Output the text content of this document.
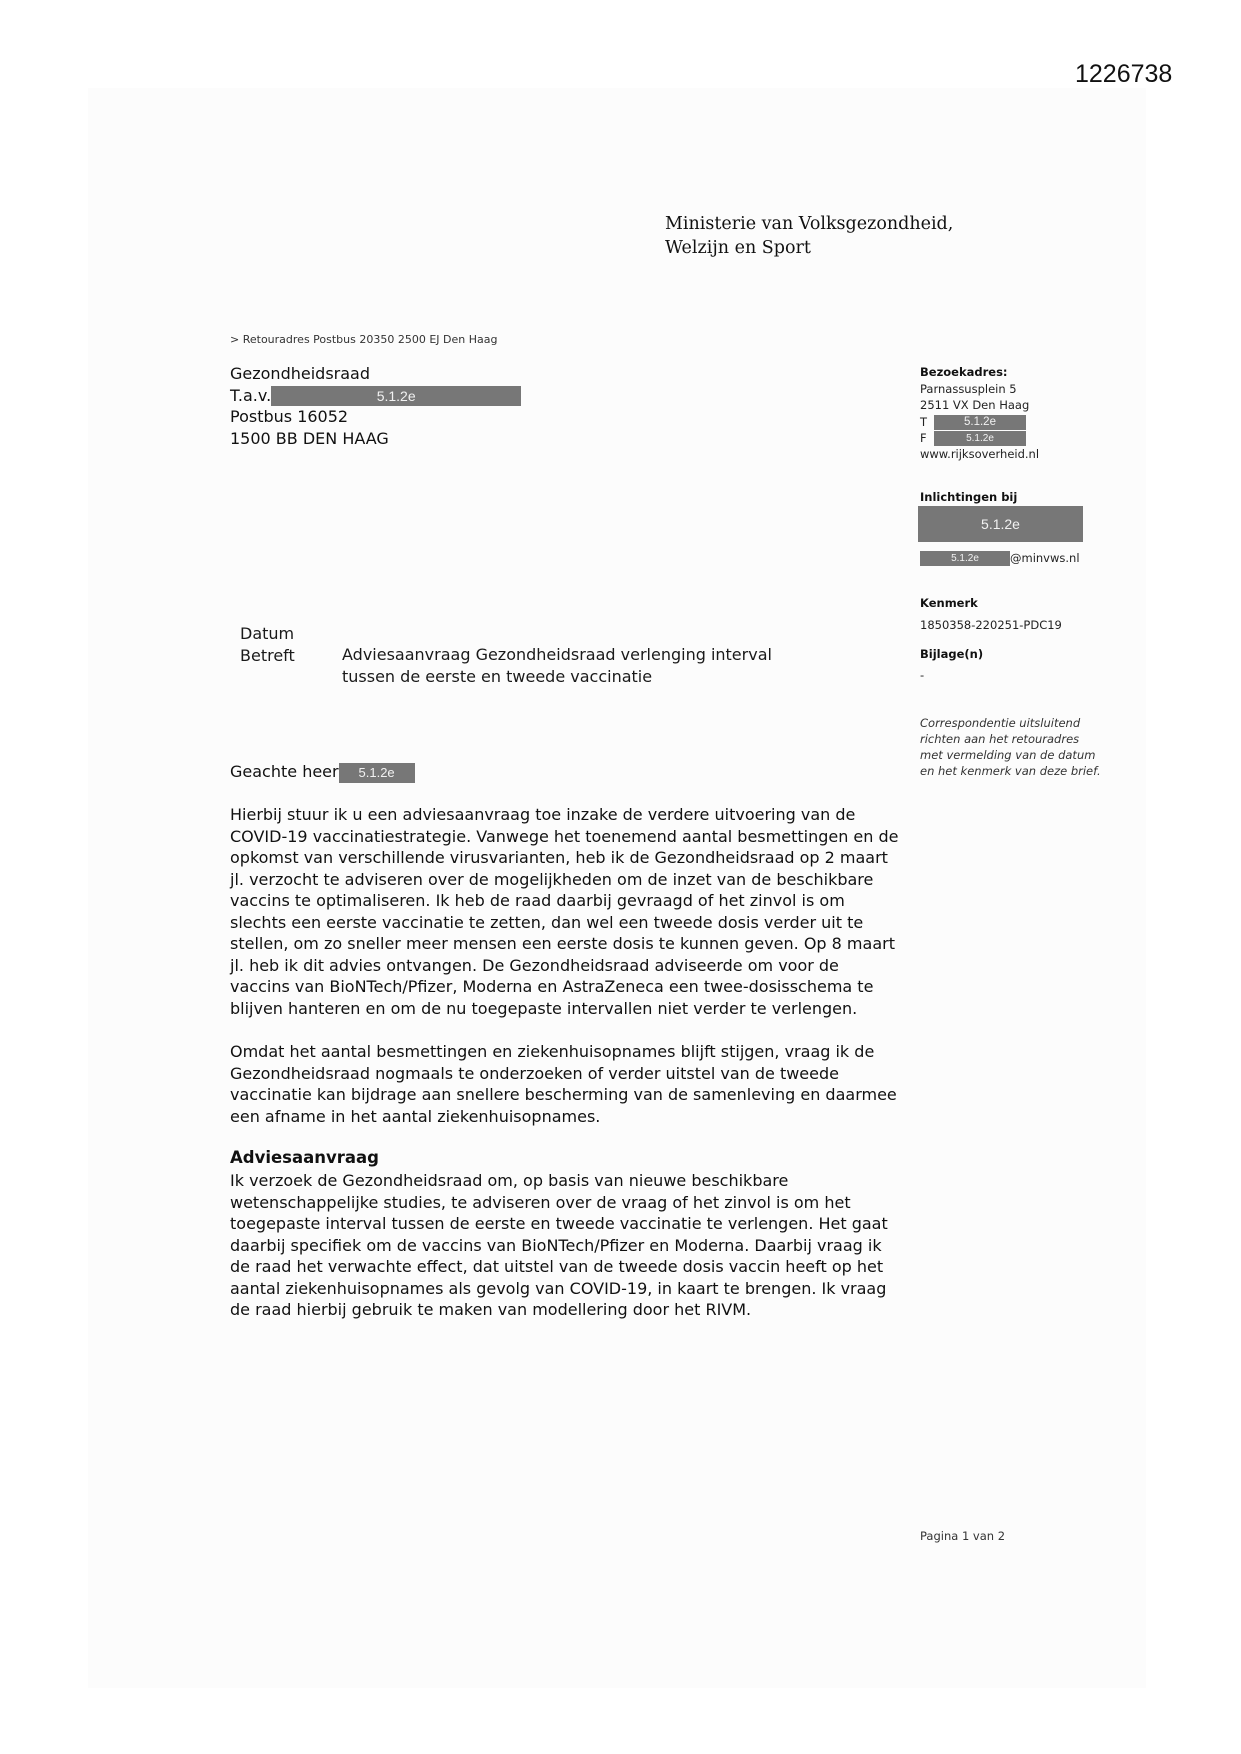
1226738
Ministerie van Volksgezondheid,
Welzijn en Sport
> Retouradres Postbus 20350 2500 EJ Den Haag
Gezondheidsraad
T.a.v.	5.1.2e
Postbus 16052
1500 BB DEN HAAG
Bezoekadres:
Parnassusplein 5
2511 VX Den Haag
T	5.1.2e
F	5.1.2e
www.rijksoverheid.nl
Inlichtingen bij
5.1.2e
5.1.2e	@minvws.nl
Kenmerk
1850358-220251-PDC19
Bijlage(n)
-
Correspondentie uitsluitend richten aan het retouradres met vermelding van de datum en het kenmerk van deze brief.
Datum
Betreft	Adviesaanvraag Gezondheidsraad verlenging interval
tussen de eerste en tweede vaccinatie
Geachte heer 5.1.2e

Hierbij stuur ik u een adviesaanvraag toe inzake de verdere uitvoering van de

COVID-19 vaccinatiestrategie. Vanwege het toenemend aantal besmettingen en de

opkomst van verschillende virusvarianten, heb ik de Gezondheidsraad op 2 maart

jl. verzocht te adviseren over de mogelijkheden om de inzet van de beschikbare

vaccins te optimaliseren. Ik heb de raad daarbij gevraagd of het zinvol is om

slechts een eerste vaccinatie te zetten, dan wel een tweede dosis verder uit te

stellen, om zo sneller meer mensen een eerste dosis te kunnen geven. Op 8 maart

jl. heb ik dit advies ontvangen. De Gezondheidsraad adviseerde om voor de

vaccins van BioNTech/Pfizer, Moderna en AstraZeneca een twee-dosisschema te

blijven hanteren en om de nu toegepaste intervallen niet verder te verlengen.

Omdat het aantal besmettingen en ziekenhuisopnames blijft stijgen, vraag ik de

Gezondheidsraad nogmaals te onderzoeken of verder uitstel van de tweede

vaccinatie kan bijdrage aan snellere bescherming van de samenleving en daarmee

een afname in het aantal ziekenhuisopnames.

Adviesaanvraag

Ik verzoek de Gezondheidsraad om, op basis van nieuwe beschikbare

wetenschappelijke studies, te adviseren over de vraag of het zinvol is om het

toegepaste interval tussen de eerste en tweede vaccinatie te verlengen. Het gaat

daarbij specifiek om de vaccins van BioNTech/Pfizer en Moderna. Daarbij vraag ik

de raad het verwachte effect, dat uitstel van de tweede dosis vaccin heeft op het

aantal ziekenhuisopnames als gevolg van COVID-19, in kaart te brengen. Ik vraag

de raad hierbij gebruik te maken van modellering door het RIVM.

Pagina 1 van 2
